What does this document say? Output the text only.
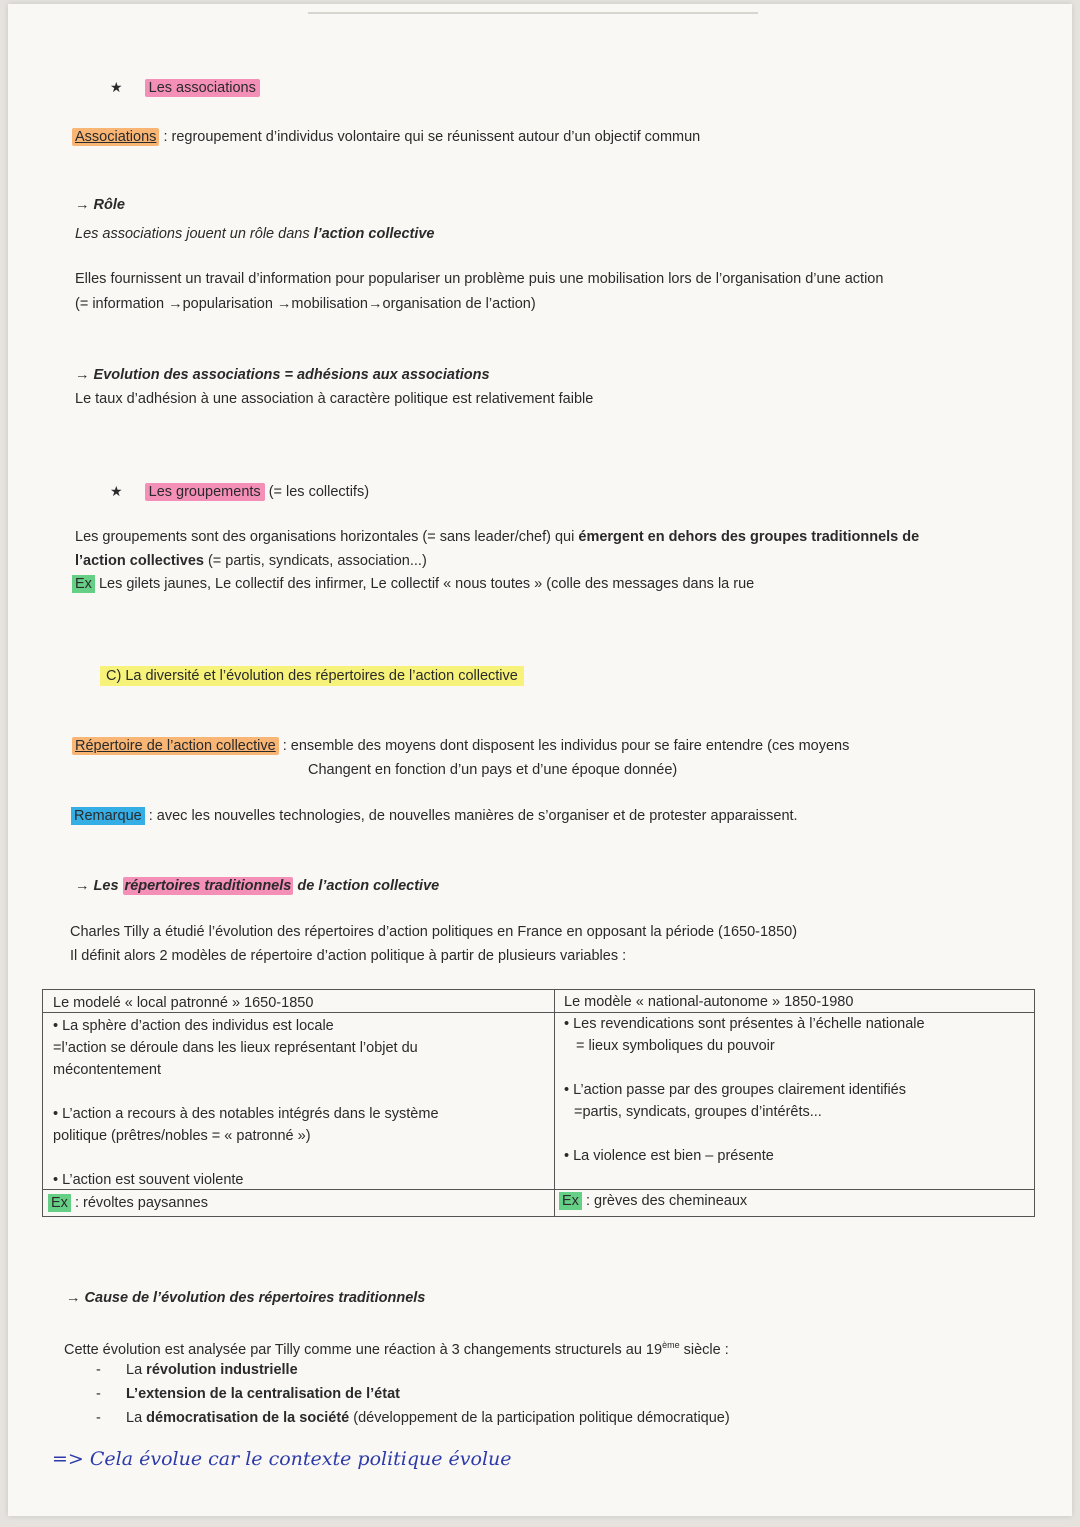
★ Les associations
Associations : regroupement d’individus volontaire qui se réunissent autour d’un objectif commun
→ Rôle
Les associations jouent un rôle dans l’action collective
Elles fournissent un travail d’information pour populariser un problème puis une mobilisation lors de l’organisation d’une action
(= information →popularisation →mobilisation→organisation de l’action)
→ Evolution des associations = adhésions aux associations
Le taux d’adhésion à une association à caractère politique est relativement faible
★ Les groupements (= les collectifs)
Les groupements sont des organisations horizontales (= sans leader/chef) qui émergent en dehors des groupes traditionnels de
l’action collectives (= partis, syndicats, association...)
Ex Les gilets jaunes, Le collectif des infirmer, Le collectif « nous toutes » (colle des messages dans la rue
C) La diversité et l’évolution des répertoires de l’action collective
Répertoire de l’action collective : ensemble des moyens dont disposent les individus pour se faire entendre (ces moyens
Changent en fonction d’un pays et d’une époque donnée)
Remarque : avec les nouvelles technologies, de nouvelles manières de s’organiser et de protester apparaissent.
→ Les répertoires traditionnels de l’action collective
Charles Tilly a étudié l’évolution des répertoires d’action politiques en France en opposant la période (1650-1850)
Il définit alors 2 modèles de répertoire d’action politique à partir de plusieurs variables :
Le modelé « local patronné » 1650-1850
• La sphère d’action des individus est locale
=l’action se déroule dans les lieux représentant l’objet du
mécontentement
• L’action a recours à des notables intégrés dans le système
politique (prêtres/nobles = « patronné »)
• L’action est souvent violente
Ex : révoltes paysannes
Le modèle « national-autonome » 1850-1980
• Les revendications sont présentes à l’échelle nationale
= lieux symboliques du pouvoir
• L’action passe par des groupes clairement identifiés
=partis, syndicats, groupes d’intérêts...
• La violence est bien – présente
Ex : grèves des chemineaux
→ Cause de l’évolution des répertoires traditionnels
Cette évolution est analysée par Tilly comme une réaction à 3 changements structurels au 19ème siècle :
- La révolution industrielle
- L’extension de la centralisation de l’état
- La démocratisation de la société (développement de la participation politique démocratique)
=> Cela évolue car le contexte politique évolue
